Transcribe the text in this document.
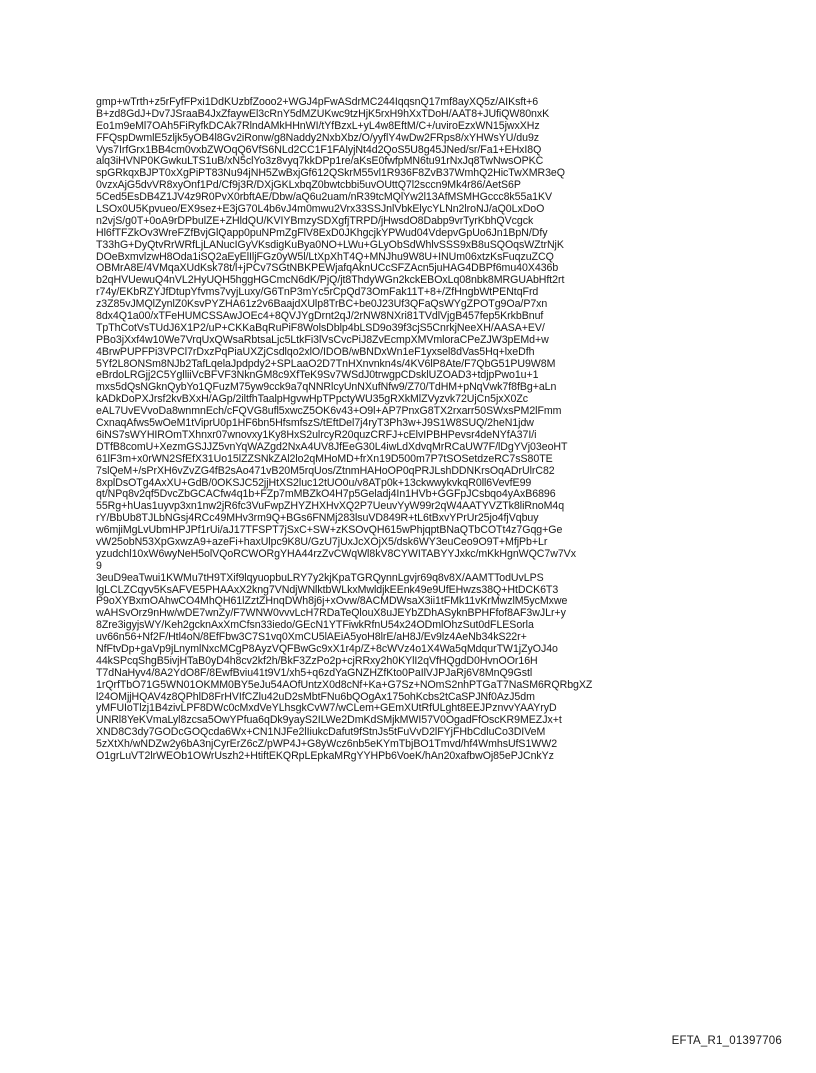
gmp+wTrth+z5rFyfFPxi1DdKUzbfZooo2+WGJ4pFwASdrMC244IqqsnQ17mf8ayXQ5z/AIKsft+6
B+zd8GdJ+Dv7JSraaB4JxZfaywEl3cRnY5dMZUKwc9tzHjK5rxH9hXxTDoH/AAT8+JUfiQW80nxK
Eo1m9eMl7OAh5FiRyfkDCAk7RlndAMkHHnWI/tYfBzxL+yL4w8EftM/C+/uviroEzxWN15jwxXHz
FFQspDwmlE5zljk5yOB4l8Gv2iRonw/g8Naddy2NxbXbz/O/yyflY4wDw2FRps8/xYHWsYU/du9z
Vys7IrfGrx1BB4cm0vxbZWOqQ6VfS6NLd2CC1F1FAlyjNt4d2QoS5U8g45JNed/sr/Fa1+EHxI8Q
alq3iHVNP0KGwkuLTS1uB/xN5clYo3z8vyq7kkDPp1re/aKsE0fwfpMN6tu91rNxJq8TwNwsOPKC
spGRkqxBJPT0xXgPiPT83Nu94jNH5ZwBxjGf612QSkrM55vl1R936F8ZvB37WmhQ2HicTwXMR3eQ
0vzxAjG5dvVR8xyOnf1Pd/Cf9j3R/DXjGKLxbqZ0bwtcbbi5uvOUttQ7l2sccn9Mk4r86/AetS6P
5Ced5EsDB4Z1JV4z9R0PvX0rbftAE/Dbw/aQ6u2uam/nR39tcMQlYw2l13AfMSMHGccc8k55a1KV
LSOx0U5Kpvueo/EX9sez+E3jG70L4b6vJ4m0mwu2Vrx33SSJnlVbkElycYLNn2lroNJ/aQ0LxDoO
n2vjS/g0T+0oA9rDPbulZE+ZHldQU/KVIYBmzySDXgfjTRPD/jHwsdO8Dabp9vrTyrKbhQVcgck
Hl6fTFZkOv3WreFZfBvjGlQapp0puNPmZgFlV8ExD0JKhgcjkYPWud04VdepvGpUo6Jn1BpN/Dfy
T33hG+DyQtvRrWRfLjLANucIGyVKsdigKuBya0NO+LWu+GLyObSdWhlvSSS9xB8uSQOqsWZtrNjK
DOeBxmvlzwH8Oda1iSQ2aEyElIljFGz0yW5l/LtXpXhT4Q+MNJhu9W8U+INUm06xtzKsFuqzuZCQ
OBMrA8E/4VMqaXUdKsk78t/l+jPCv7SGtNBKPEWjafqAknUCcSFZAcn5juHAG4DBPf6mu40X436b
b2qHVUewuQ4nVL2HyUQH5hggHGCmcN6dK/PjQ/jt8ThdyWGn2kckEBOxLq08nbk8MRGUAbHft2rt
r74y/EKbRZYJfDtupYfvms7vyjLuxy/G6TnP3mYc5rCpQd73OmFak11T+8+/ZfHngbWtPENtqFrd
z3Z85vJMQlZynlZ0KsvPYZHA61z2v6BaajdXUlp8TrBC+be0J23Uf3QFaQsWYgZPOTg9Oa/P7xn
8dx4Q1a00/xTFeHUMCSSAwJOEc4+8QVJYgDrnt2qJ/2rNW8NXri81TVdlVjgB457fep5KrkbBnuf
TpThCotVsTUdJ6X1P2/uP+CKKaBqRuPiF8WolsDblp4bLSD9o39f3cjS5CnrkjNeeXH/AASA+EV/
PBo3jXxf4w10We7VrqUxQWsaRbtsaLjc5LtkFi3lVsCvcPiJ8ZvEcmpXMVmloraCPeZJW3pEMd+w
4BrwPUPFPi3VPCl7rDxzPqPiaUXZjCsdlqo2xlO/IDOB/wBNDxWn1eF1yxsel8dVas5Hq+lxeDfh
5Yf2L8ONSm8NJb2TafLqelaJpdpdy2+SPLaaO2D7TnHXnvnkn4s/4KV6lP8Ate/F7QbG51PU9W8M
eBrdoLRGjj2C5YglliiVcBFVF3NknGM8c9XfTeK9Sv7WSdJ0trwgpCDsklUZOAD3+tdjpPwo1u+1
mxs5dQsNGknQybYo1QFuzM75yw9cck9a7qNNRlcyUnNXufNfw9/Z70/TdHM+pNqVwk7f8fBg+aLn
kADkDoPXJrsf2kvBXxH/AGp/2iltfhTaalpHgvwHpTPpctyWU35gRXkMlZVyzvk72UjCn5jxX0Zc
eAL7UvEVvoDa8wnmnEch/cFQVG8ufl5xwcZ5OK6v43+O9l+AP7PnxG8TX2rxarr50SWxsPM2lFmm
CxnaqAfws5wOeM1tViprU0p1HF6bn5HfsmfszS/tEftDel7j4ryT3Ph3w+J9S1W8SUQ/2heN1jdw
6iNS7sWYHIROmTXhnxr07wnovxy1Ky8HxS2ulrcyR20quzCRFJ+cElvIPBHPevsr4deNYfA37I/i
DTfB8comU+XezmGSJJZ5vnYqWAZgd2NxA4UV8JfEeG30L4iwLdXdvqMrRCaUW7F/lDgYVj03eoHT
61lF3m+x0rWN2SfEfX31Uo15lZZSNkZAl2lo2qMHoMD+frXn19D500m7P7tSOSetdzeRC7sS80TE
7slQeM+/sPrXH6vZvZG4fB2sAo471vB20M5rqUos/ZtnmHAHoOP0qPRJLshDDNKrsOqADrUlrC82
8xplDsOTg4AxXU+GdB/0OKSJC52jjHtXS2luc12tUO0u/v8ATp0k+13ckwwykvkqR0ll6VevfE99
qt/NPq8v2qf5DvcZbGCACfw4q1b+FZp7mMBZkO4H7p5Geladj4In1HVb+GGFpJCsbqo4yAxB6896
55Rg+hUas1uyvp3xn1nw2jR6fc3VuFwpZHYZHXHvXQ2P7UeuvYyW99r2qW4AATYVZTk8liRnoM4q
rY/BbUb8TJLbNGsj4RCc49MHv3rm9Q+BGs6FNMj283lsuVD849R+tL6tBxvYPrUr25jo4fjVqbuy
w6mjiMgLvUbmHPJPf1rUi/aJ17TFSPT7jSxC+SW+zKSOvQH615wPhjqptBNaQTbCOTt4z7Gqg+Ge
vW25obN53XpGxwzA9+azeFi+haxUlpc9K8U/GzU7jUxJcXOjX5/dsk6WY3euCeo9O9T+MfjPb+Lr
yzudchl10xW6wyNeH5olVQoRCWORgYHA44rzZvCWqWl8kV8CYWITABYYJxkc/mKkHgnWQC7w7Vx
9
3euD9eaTwui1KWMu7tH9TXif9lqyuopbuLRY7y2kjKpaTGRQynnLgvjr69q8v8X/AAMTTodUvLPS
lgLCLZCqyv5KsAFVE5PHAAxX2kng7VNdjWNlktbWLkxMwldjkEEnk49e9UfEHwzs38Q+HtDCK6T3
P9oXYBxmOAhwCO4MhQH61lZztZHnqDWh8j6j+xOvw/8ACMDWsaX3ii1tFMk11vKrMwzlM5ycMxwe
wAHSvOrz9nHw/wDE7wnZy/F7WNW0vvvLcH7RDaTeQlouX8uJEYbZDhASyknBPHFfof8AF3wJLr+y
8Zre3igyjsWY/Keh2gcknAxXmCfsn33iedo/GEcN1YTFiwkRfnU54x24ODmlOhzSut0dFLESorla
uv66n56+Nf2F/Htl4oN/8EfFbw3C7S1vq0XmCU5lAEiA5yoH8lrE/aH8J/Ev9lz4AeNb34kS22r+
NfFtvDp+gaVp9jLnymlNxcMCgP8AyzVQFBwGc9xX1r4p/Z+8cWVz4o1X4Wa5qMdqurTW1jZyOJ4o
44kSPcqShgB5ivjHTaB0yD4h8cv2kf2h/BkF3ZzPo2p+cjRRxy2h0KYlI2qVfHQgdD0HvnOOr16H
T7dNaHyv4/8A2YdO8F/8EwfBviu41t9V1/xh5+q6zdYaGNZHZfKto0PaIlVJPJaRj6V8MnQ9Gstl
1rQrfTbO71G5WN01OKMM0BY5eJu54AOfUntzX0d8cNf+Ka+G7Sz+NOmS2nhPTGaT7NaSM6RQRbgXZ
l24OMjjHQAV4z8QPhlD8FrHVIfCZlu42uD2sMbtFNu6bQOgAx175ohKcbs2tCaSPJNf0AzJ5dm
yMFUIoTlzj1B4zivLPF8DWc0cMxdVeYLhsgkCvW7/wCLem+GEmXUtRfULght8EEJPznvvYAAYryD
UNRl8YeKVmaLyl8zcsa5OwYPfua6qDk9yayS2ILWe2DmKdSMjkMWI57V0OgadFfOscKR9MEZJx+t
XND8C3dy7GODcGOQcda6Wx+CN1NJFe2lIiukcDafut9fStnJs5tFuVvD2lFYjFHbCdluCo3DIVeM
5zXtXh/wNDZw2y6bA3njCyrErZ6cZ/pWP4J+G8yWcz6nb5eKYmTbjBO1Tmvd/hf4WmhsUfS1WW2
O1grLuVT2lrWEOb1OWrUszh2+HtiftEKQRpLEpkaMRgYYHPb6VoeK/hAn20xafbwOj85ePJCnkYz
EFTA_R1_01397706
